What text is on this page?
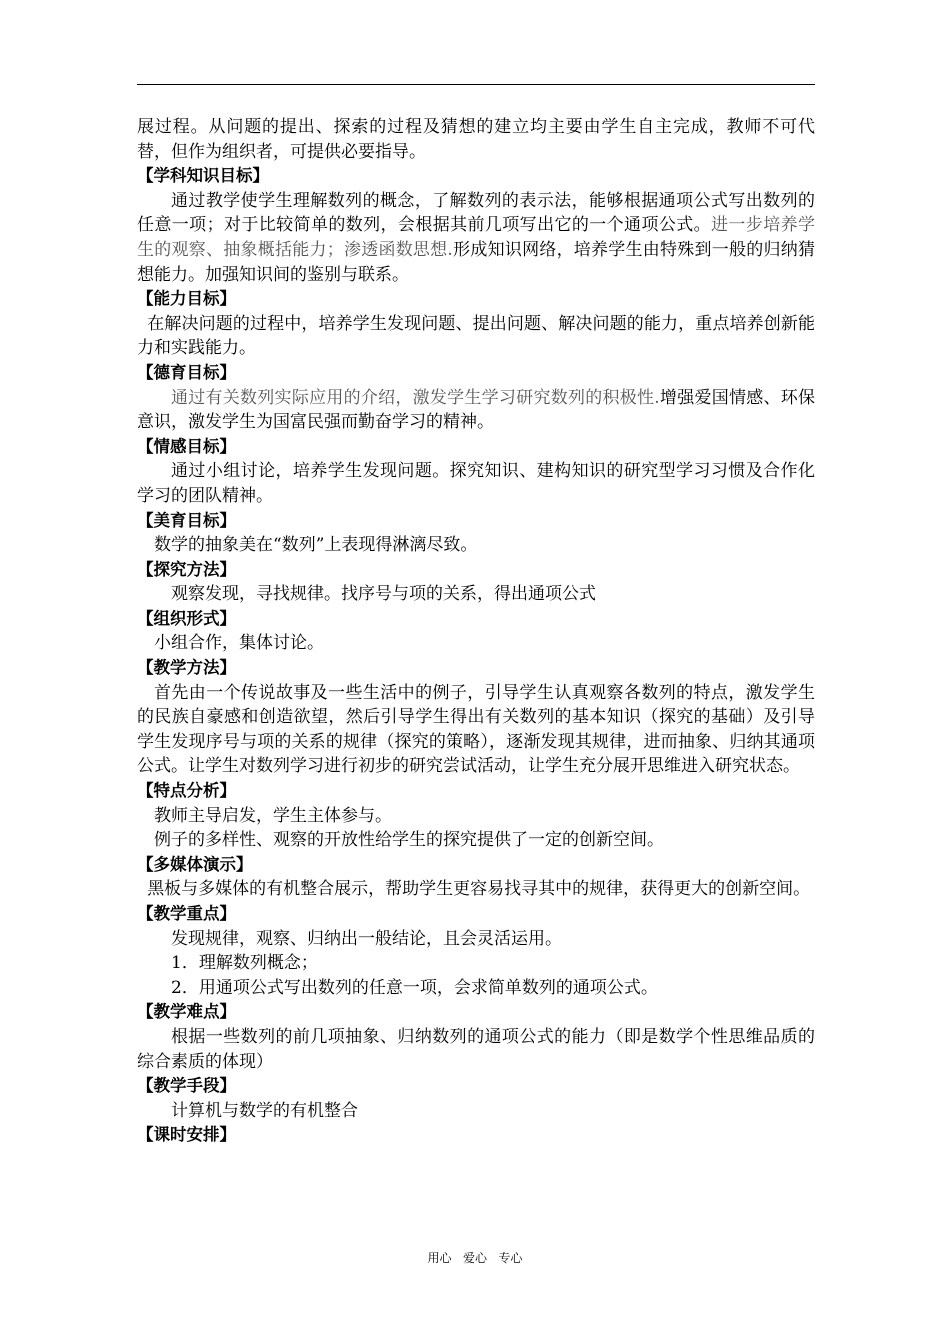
展过程。从问题的提出、探索的过程及猜想的建立均主要由学生自主完成，教师不可代替，但作为组织者，可提供必要指导。

【学科知识目标】

通过教学使学生理解数列的概念，了解数列的表示法，能够根据通项公式写出数列的任意一项；对于比较简单的数列，会根据其前几项写出它的一个通项公式。进一步培养学生的观察、抽象概括能力；渗透函数思想.形成知识网络，培养学生由特殊到一般的归纳猜想能力。加强知识间的鉴别与联系。

【能力目标】

在解决问题的过程中，培养学生发现问题、提出问题、解决问题的能力，重点培养创新能力和实践能力。

【德育目标】

通过有关数列实际应用的介绍，激发学生学习研究数列的积极性.增强爱国情感、环保意识，激发学生为国富民强而勤奋学习的精神。

【情感目标】

通过小组讨论，培养学生发现问题。探究知识、建构知识的研究型学习习惯及合作化学习的团队精神。

【美育目标】

数学的抽象美在“数列”上表现得淋漓尽致。

【探究方法】

观察发现，寻找规律。找序号与项的关系，得出通项公式

【组织形式】

小组合作，集体讨论。

【教学方法】

首先由一个传说故事及一些生活中的例子，引导学生认真观察各数列的特点，激发学生的民族自豪感和创造欲望，然后引导学生得出有关数列的基本知识（探究的基础）及引导学生发现序号与项的关系的规律（探究的策略），逐渐发现其规律，进而抽象、归纳其通项公式。让学生对数列学习进行初步的研究尝试活动，让学生充分展开思维进入研究状态。

【特点分析】

教师主导启发，学生主体参与。

例子的多样性、观察的开放性给学生的探究提供了一定的创新空间。

【多媒体演示】

黑板与多媒体的有机整合展示，帮助学生更容易找寻其中的规律，获得更大的创新空间。

【教学重点】

发现规律，观察、归纳出一般结论，且会灵活运用。

1．理解数列概念；

2．用通项公式写出数列的任意一项，会求简单数列的通项公式。

【教学难点】

根据一些数列的前几项抽象、归纳数列的通项公式的能力（即是数学个性思维品质的综合素质的体现）

【教学手段】

计算机与数学的有机整合

【课时安排】

用心   爱心   专心
